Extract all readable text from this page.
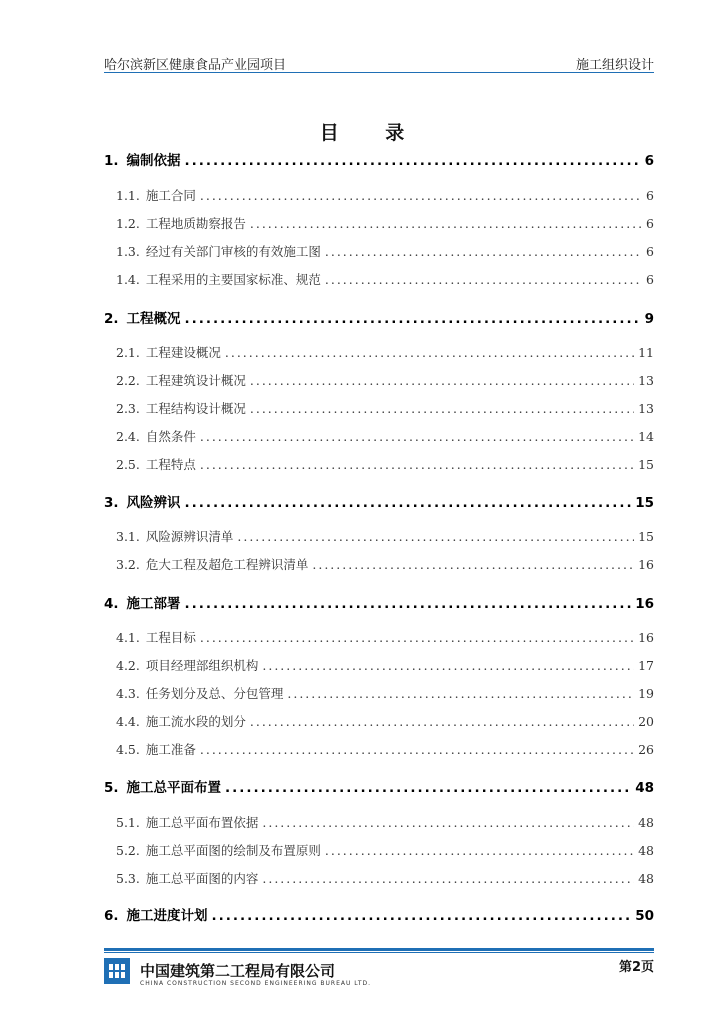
哈尔滨新区健康食品产业园项目	施工组织设计
目 录
1. 编制依据 .....	6
1.1. 施工合同 .....	6
1.2. 工程地质勘察报告 .....	6
1.3. 经过有关部门审核的有效施工图 .....	6
1.4. 工程采用的主要国家标准、规范 .....	6
2. 工程概况 .....	9
2.1. 工程建设概况 .....	11
2.2. 工程建筑设计概况 .....	13
2.3. 工程结构设计概况 .....	13
2.4. 自然条件 .....	14
2.5. 工程特点 .....	15
3. 风险辨识 .....	15
3.1. 风险源辨识清单 .....	15
3.2. 危大工程及超危工程辨识清单 .....	16
4. 施工部署 .....	16
4.1. 工程目标 .....	16
4.2. 项目经理部组织机构 .....	17
4.3. 任务划分及总、分包管理 .....	19
4.4. 施工流水段的划分 .....	20
4.5. 施工准备 .....	26
5. 施工总平面布置 .....	48
5.1. 施工总平面布置依据 .....	48
5.2. 施工总平面图的绘制及布置原则 .....	48
5.3. 施工总平面图的内容 .....	48
6. 施工进度计划 .....	50
中国建筑第二工程局有限公司
CHINA CONSTRUCTION SECOND ENGINEERING BUREAU LTD.
第2页
